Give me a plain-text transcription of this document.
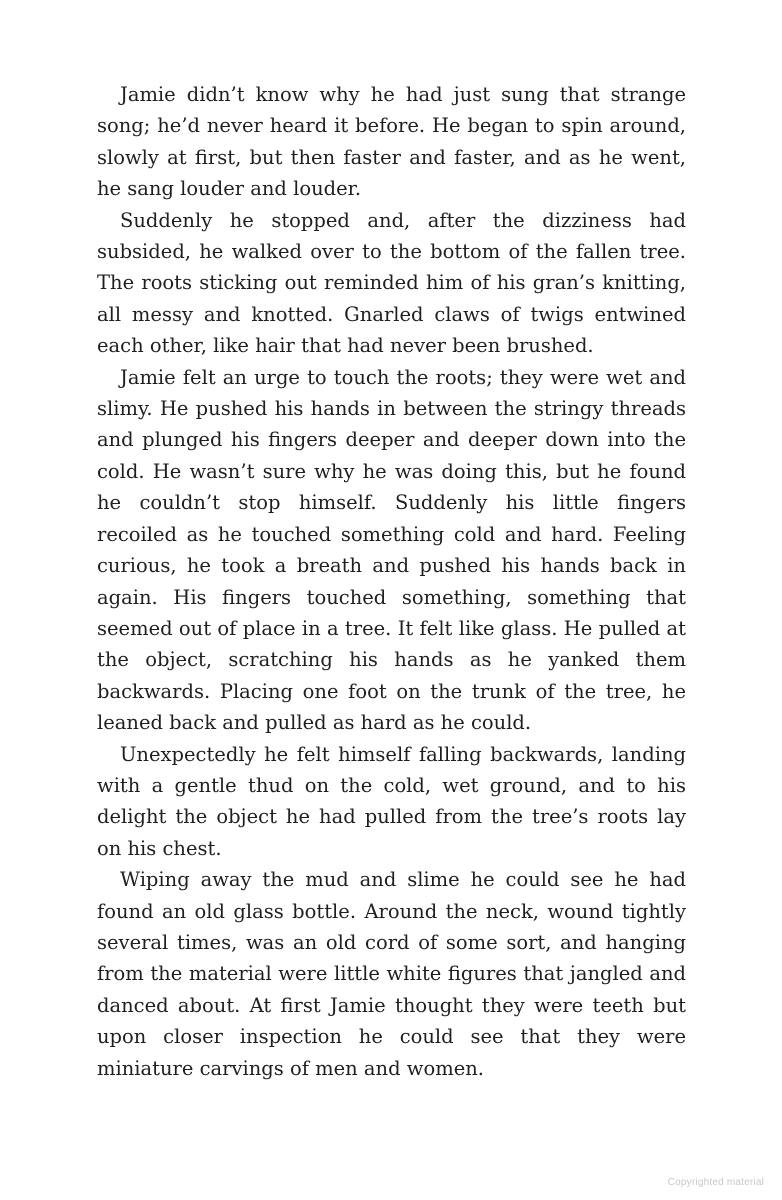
Jamie didn’t know why he had just sung that strange song; he’d never heard it before. He began to spin around, slowly at first, but then faster and faster, and as he went, he sang louder and louder.

Suddenly he stopped and, after the dizziness had subsided, he walked over to the bottom of the fallen tree. The roots sticking out reminded him of his gran’s knitting, all messy and knotted. Gnarled claws of twigs entwined each other, like hair that had never been brushed.

Jamie felt an urge to touch the roots; they were wet and slimy. He pushed his hands in between the stringy threads and plunged his fingers deeper and deeper down into the cold. He wasn’t sure why he was doing this, but he found he couldn’t stop himself. Suddenly his little fingers recoiled as he touched something cold and hard. Feeling curious, he took a breath and pushed his hands back in again. His fingers touched something, something that seemed out of place in a tree. It felt like glass. He pulled at the object, scratching his hands as he yanked them backwards. Placing one foot on the trunk of the tree, he leaned back and pulled as hard as he could.

Unexpectedly he felt himself falling backwards, landing with a gentle thud on the cold, wet ground, and to his delight the object he had pulled from the tree’s roots lay on his chest.

Wiping away the mud and slime he could see he had found an old glass bottle. Around the neck, wound tightly several times, was an old cord of some sort, and hanging from the material were little white figures that jangled and danced about. At first Jamie thought they were teeth but upon closer inspection he could see that they were miniature carvings of men and women.

Copyrighted material
